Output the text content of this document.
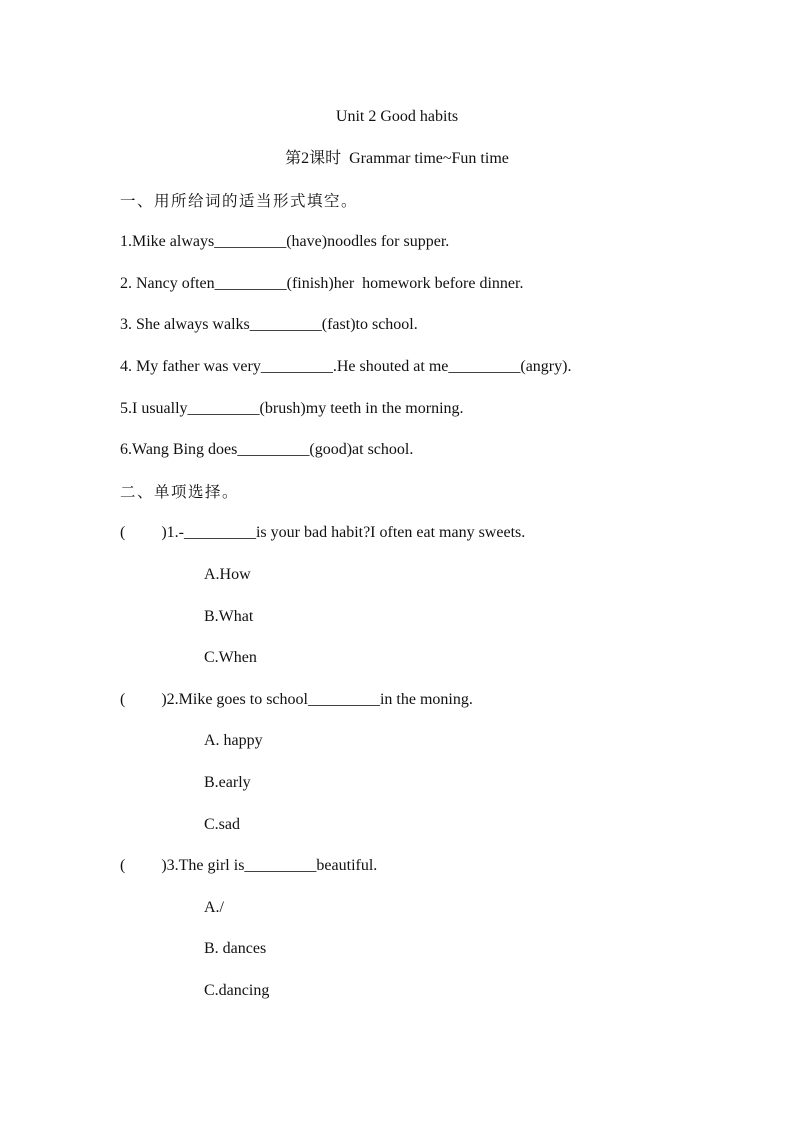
Unit 2 Good habits
第2课时  Grammar time~Fun time
一、用所给词的适当形式填空。
1.Mike always_________(have)noodles for supper.
2. Nancy often_________(finish)her  homework before dinner.
3. She always walks_________(fast)to school.
4. My father was very_________.He shouted at me_________(angry).
5.I usually_________(brush)my teeth in the morning.
6.Wang Bing does_________(good)at school.
二、单项选择。
(         )1.-_________is your bad habit?I often eat many sweets.
A.How
B.What
C.When
(         )2.Mike goes to school_________in the moning.
A. happy
B.early
C.sad
(         )3.The girl is_________beautiful.
A./
B. dances
C.dancing
